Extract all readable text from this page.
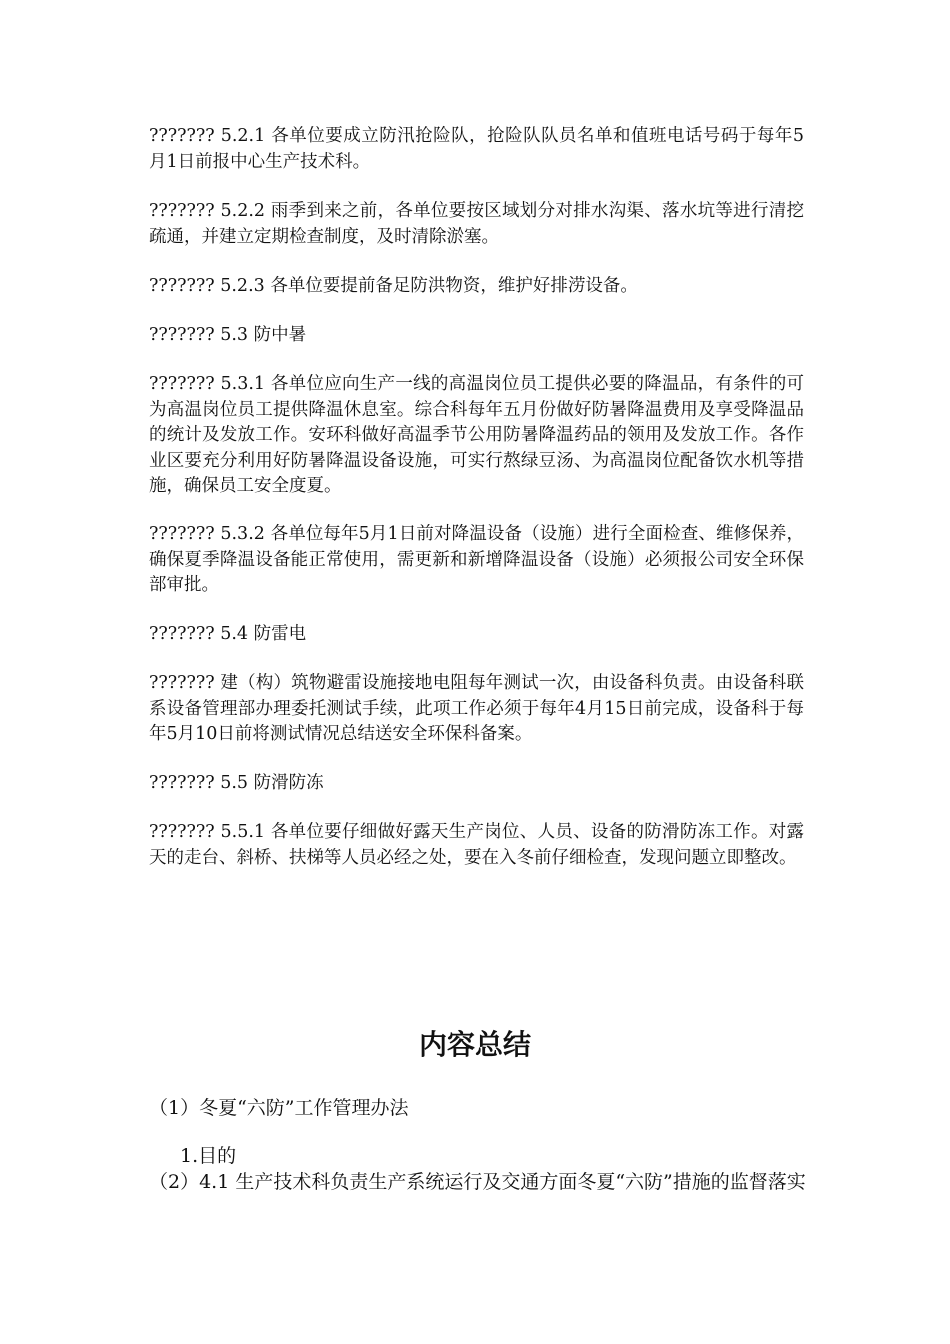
??????? 5.2.1 各单位要成立防汛抢险队，抢险队队员名单和值班电话号码于每年5月1日前报中心生产技术科。

??????? 5.2.2 雨季到来之前，各单位要按区域划分对排水沟渠、落水坑等进行清挖疏通，并建立定期检查制度，及时清除淤塞。

??????? 5.2.3 各单位要提前备足防洪物资，维护好排涝设备。

??????? 5.3 防中暑

??????? 5.3.1 各单位应向生产一线的高温岗位员工提供必要的降温品，有条件的可为高温岗位员工提供降温休息室。综合科每年五月份做好防暑降温费用及享受降温品的统计及发放工作。安环科做好高温季节公用防暑降温药品的领用及发放工作。各作业区要充分利用好防暑降温设备设施，可实行熬绿豆汤、为高温岗位配备饮水机等措施，确保员工安全度夏。

??????? 5.3.2 各单位每年5月1日前对降温设备（设施）进行全面检查、维修保养，确保夏季降温设备能正常使用，需更新和新增降温设备（设施）必须报公司安全环保部审批。

??????? 5.4 防雷电

??????? 建（构）筑物避雷设施接地电阻每年测试一次，由设备科负责。由设备科联系设备管理部办理委托测试手续，此项工作必须于每年4月15日前完成，设备科于每年5月10日前将测试情况总结送安全环保科备案。

??????? 5.5 防滑防冻

??????? 5.5.1 各单位要仔细做好露天生产岗位、人员、设备的防滑防冻工作。对露天的走台、斜桥、扶梯等人员必经之处，要在入冬前仔细检查，发现问题立即整改。

内容总结

（1）冬夏“六防”工作管理办法

1.目的

（2）4.1 生产技术科负责生产系统运行及交通方面冬夏“六防”措施的监督落实
